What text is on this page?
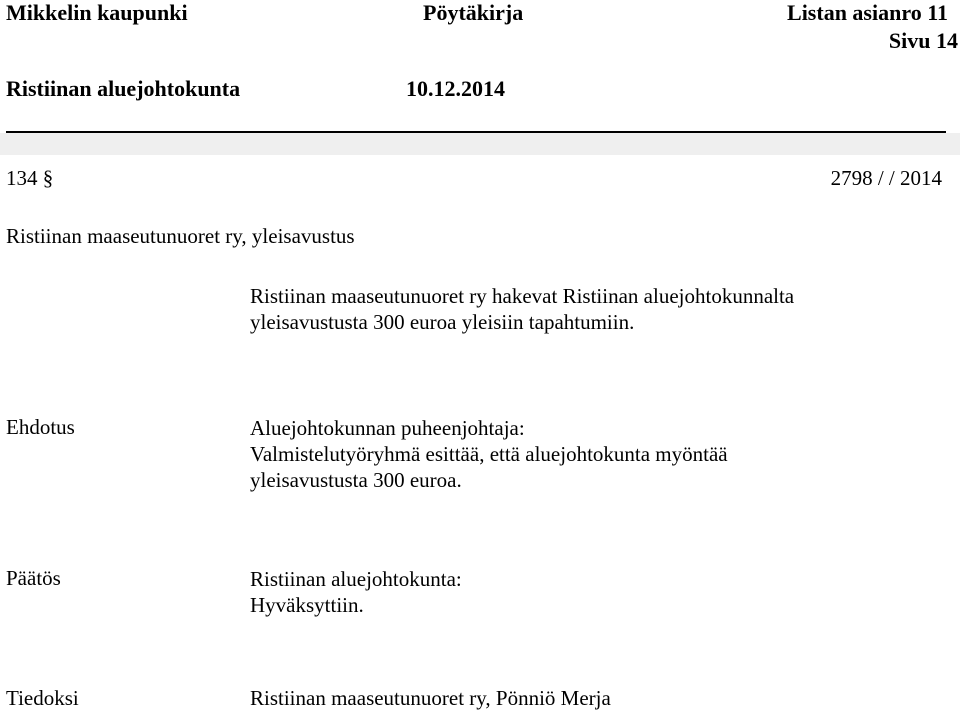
Mikkelin kaupunki	Pöytäkirja	Listan asianro 11
Sivu 14
Ristiinan aluejohtokunta	10.12.2014
134 §	2798 / / 2014
Ristiinan maaseutunuoret ry, yleisavustus
Ristiinan maaseutunuoret ry hakevat Ristiinan aluejohtokunnalta
yleisavustusta 300 euroa yleisiin tapahtumiin.
Ehdotus	Aluejohtokunnan puheenjohtaja:
Valmistelutyöryhmä esittää, että aluejohtokunta myöntää
yleisavustusta 300 euroa.
Päätös	Ristiinan aluejohtokunta:
Hyväksyttiin.
Tiedoksi	Ristiinan maaseutunuoret ry, Pönniö Merja
